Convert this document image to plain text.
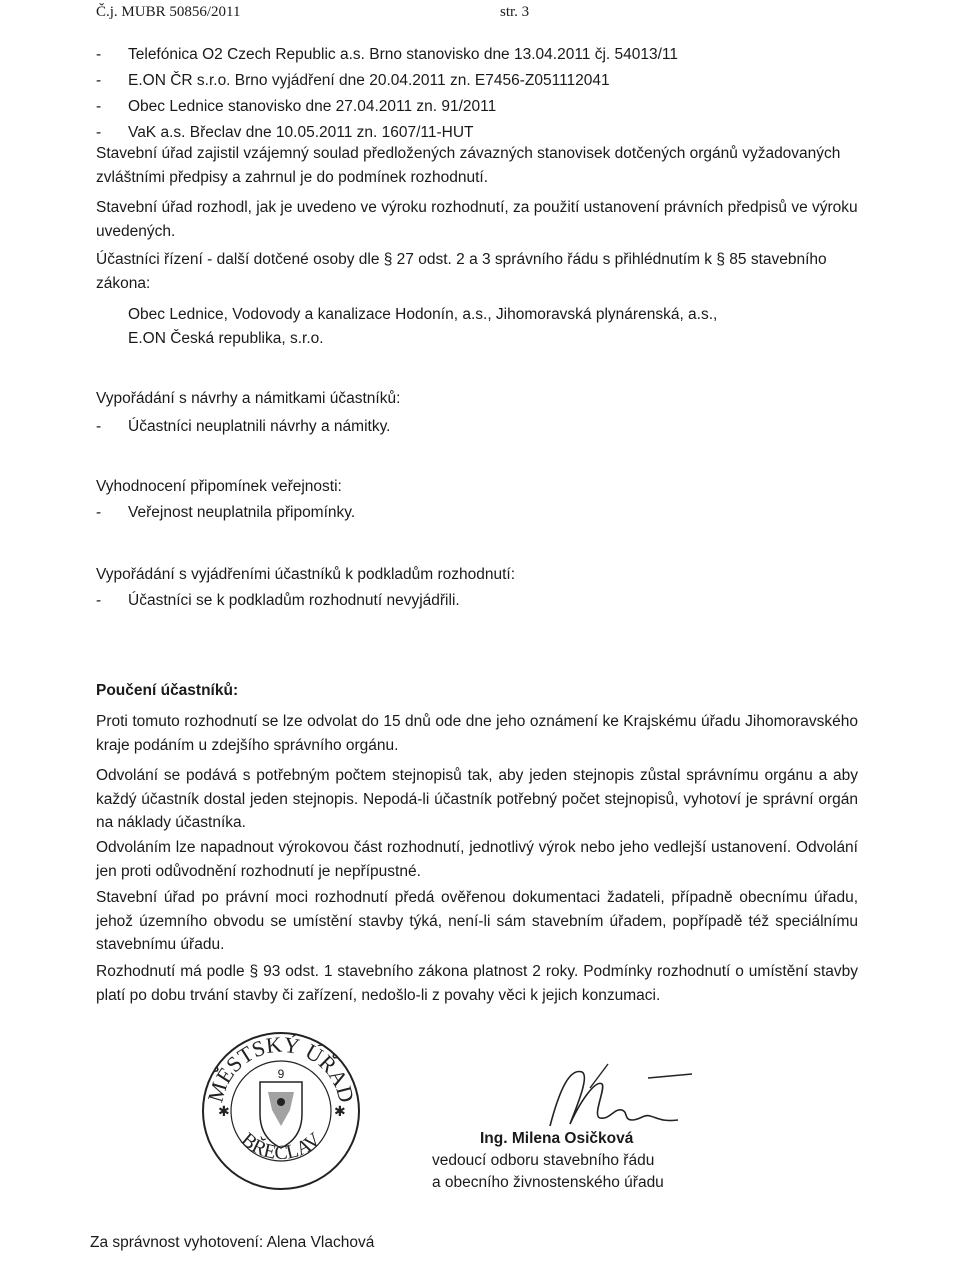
Č.j. MUBR 50856/2011	str. 3
- Telefónica O2 Czech Republic a.s. Brno stanovisko dne 13.04.2011 čj. 54013/11
- E.ON ČR s.r.o. Brno vyjádření dne 20.04.2011 zn. E7456-Z051112041
- Obec Lednice stanovisko dne 27.04.2011 zn. 91/2011
- VaK a.s. Břeclav dne 10.05.2011 zn. 1607/11-HUT

Stavební úřad zajistil vzájemný soulad předložených závazných stanovisek dotčených orgánů vyžadovaných zvláštními předpisy a zahrnul je do podmínek rozhodnutí.

Stavební úřad rozhodl, jak je uvedeno ve výroku rozhodnutí, za použití ustanovení právních předpisů ve výroku uvedených.

Účastníci řízení - další dotčené osoby dle § 27 odst. 2 a 3 správního řádu s přihlédnutím k § 85 stavebního zákona:

Obec Lednice, Vodovody a kanalizace Hodonín, a.s., Jihomoravská plynárenská, a.s.,
E.ON Česká republika, s.r.o.
Vypořádání s návrhy a námitkami účastníků:
- Účastníci neuplatnili návrhy a námitky.
Vyhodnocení připomínek veřejnosti:
- Veřejnost neuplatnila připomínky.
Vypořádání s vyjádřeními účastníků k podkladům rozhodnutí:
- Účastníci se k podkladům rozhodnutí nevyjádřili.
Poučení účastníků:

Proti tomuto rozhodnutí se lze odvolat do 15 dnů ode dne jeho oznámení ke Krajskému úřadu Jihomoravského kraje podáním u zdejšího správního orgánu.

Odvolání se podává s potřebným počtem stejnopisů tak, aby jeden stejnopis zůstal správnímu orgánu a aby každý účastník dostal jeden stejnopis. Nepodá-li účastník potřebný počet stejnopisů, vyhotoví je správní orgán na náklady účastníka.

Odvoláním lze napadnout výrokovou část rozhodnutí, jednotlivý výrok nebo jeho vedlejší ustanovení. Odvolání jen proti odůvodnění rozhodnutí je nepřípustné.

Stavební úřad po právní moci rozhodnutí předá ověřenou dokumentaci žadateli, případně obecnímu úřadu, jehož územního obvodu se umístění stavby týká, není-li sám stavebním úřadem, popřípadě též speciálnímu stavebnímu úřadu.

Rozhodnutí má podle § 93 odst. 1 stavebního zákona platnost 2 roky. Podmínky rozhodnutí o umístění stavby platí po dobu trvání stavby či zařízení, nedošlo-li z povahy věci k jejich konzumaci.

MĚSTSKÝ ÚŘAD
BŘECLAV
9
✱	✱
Ing. Milena Osičková
vedoucí odboru stavebního řádu
a obecního živnostenského úřadu
Za správnost vyhotovení: Alena Vlachová
